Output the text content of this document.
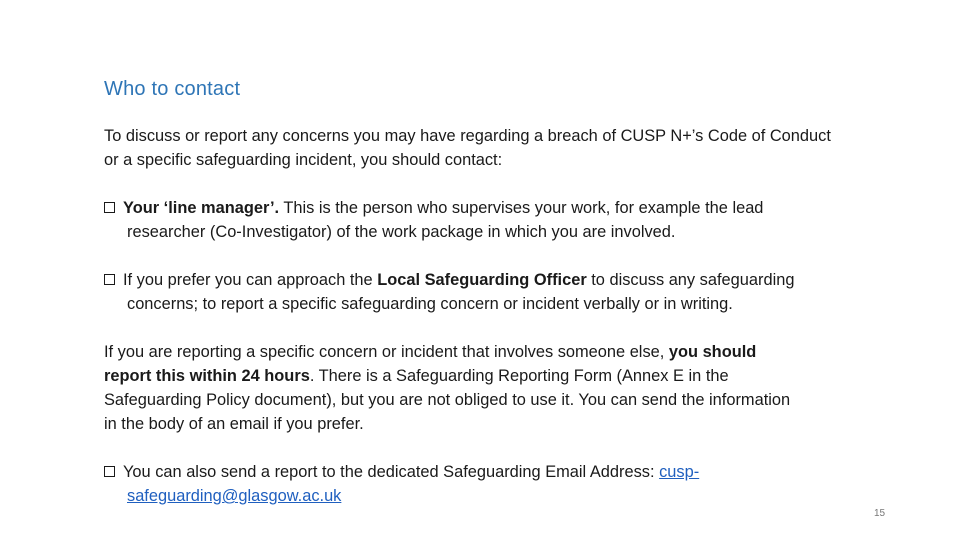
Who to contact

To discuss or report any concerns you may have regarding a breach of CUSP N+’s Code of Conduct or a specific safeguarding incident, you should contact:

Your ‘line manager’. This is the person who supervises your work, for example the lead
researcher (Co-Investigator) of the work package in which you are involved.
If you prefer you can approach the Local Safeguarding Officer to discuss any safeguarding
concerns; to report a specific safeguarding concern or incident verbally or in writing.

If you are reporting a specific concern or incident that involves someone else, you should report this within 24 hours. There is a Safeguarding Reporting Form (Annex E in the Safeguarding Policy document), but you are not obliged to use it. You can send the information in the body of an email if you prefer.

You can also send a report to the dedicated Safeguarding Email Address: cusp-
safeguarding@glasgow.ac.uk
15
